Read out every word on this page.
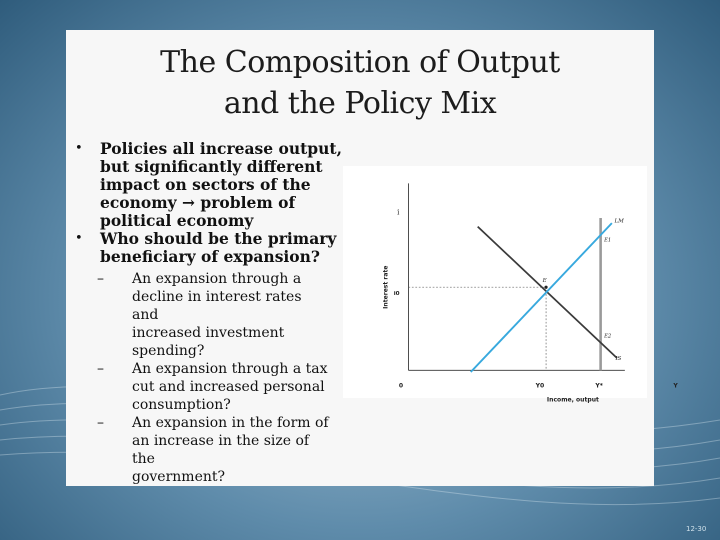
The Composition of Output
and the Policy Mix
• Policies all increase output,
but significantly different
impact on sectors of the
economy → problem of
political economy
• Who should be the primary
beneficiary of expansion?
– An expansion through a
decline in interest rates and
increased investment
spending?
– An expansion through a tax
cut and increased personal
consumption?
– An expansion in the form of
an increase in the size of the
government?
i
Interest rate i0
0	Y0	Y*	Y
Income, output
LM
IS
E
E1
E2
12-30
